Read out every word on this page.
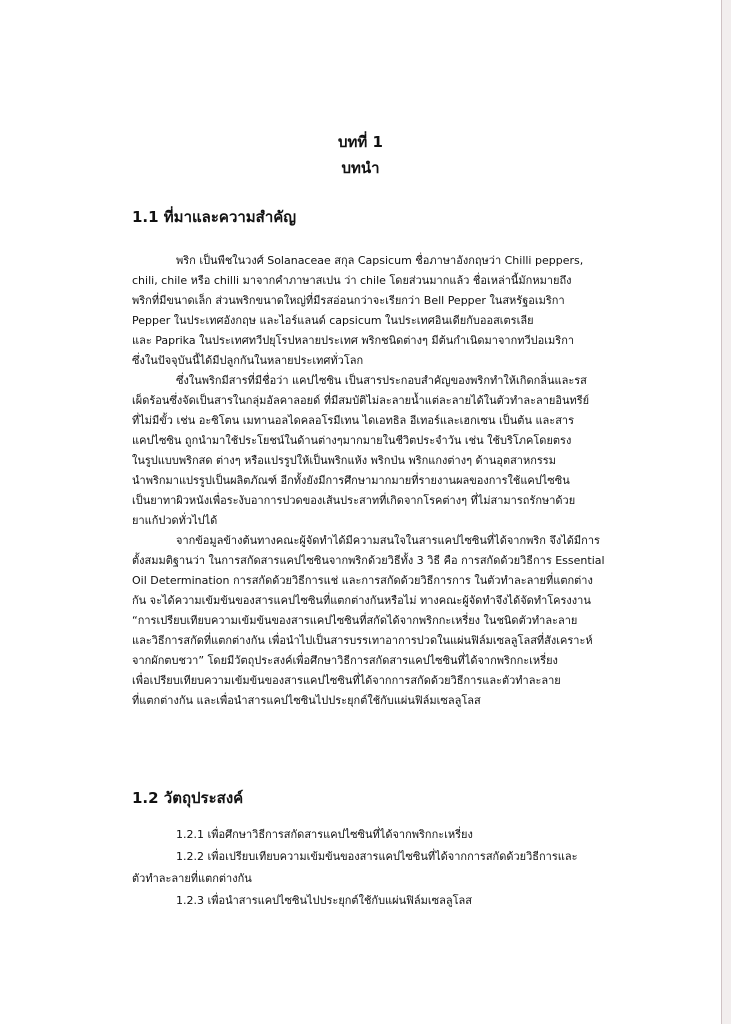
บทที่ 1
บทนำ
1.1 ที่มาและความสำคัญ
พริก เป็นพืชในวงศ์ Solanaceae สกุล Capsicum ชื่อภาษาอังกฤษว่า Chilli peppers,
chili, chile หรือ chilli มาจากคำภาษาสเปน ว่า chile โดยส่วนมากแล้ว ชื่อเหล่านี้มักหมายถึง
พริกที่มีขนาดเล็ก ส่วนพริกขนาดใหญ่ที่มีรสอ่อนกว่าจะเรียกว่า Bell Pepper ในสหรัฐอเมริกา
Pepper ในประเทศอังกฤษ และไอร์แลนด์ capsicum ในประเทศอินเดียกับออสเตรเลีย
และ Paprika ในประเทศทวีปยุโรปหลายประเทศ พริกชนิดต่างๆ มีต้นกำเนิดมาจากทวีปอเมริกา
ซึ่งในปัจจุบันนี้ได้มีปลูกกันในหลายประเทศทั่วโลก
ซึ่งในพริกมีสารที่มีชื่อว่า แคปไซซิน เป็นสารประกอบสำคัญของพริกทำให้เกิดกลิ่นและรส
เผ็ดร้อนซึ่งจัดเป็นสารในกลุ่มอัลคาลอยด์ ที่มีสมบัติไม่ละลายน้ำแต่ละลายได้ในตัวทำละลายอินทรีย์
ที่ไม่มีขั้ว เช่น อะซิโตน เมทานอลไดคลอโรมีเทน ไดเอทธิล อีเทอร์และเฮกเซน เป็นต้น และสาร
แคปไซซิน ถูกนำมาใช้ประโยชน์ในด้านต่างๆมากมายในชีวิตประจำวัน เช่น ใช้บริโภคโดยตรง
ในรูปแบบพริกสด ต่างๆ หรือแปรรูปให้เป็นพริกแห้ง พริกป่น พริกแกงต่างๆ ด้านอุตสาหกรรม
นำพริกมาแปรรูปเป็นผลิตภัณฑ์ อีกทั้งยังมีการศึกษามากมายที่รายงานผลของการใช้แคปไซซิน
เป็นยาทาผิวหนังเพื่อระงับอาการปวดของเส้นประสาทที่เกิดจากโรคต่างๆ ที่ไม่สามารถรักษาด้วย
ยาแก้ปวดทั่วไปได้
จากข้อมูลข้างต้นทางคณะผู้จัดทำได้มีความสนใจในสารแคปไซซินที่ได้จากพริก จึงได้มีการ
ตั้งสมมติฐานว่า ในการสกัดสารแคปไซซินจากพริกด้วยวิธีทั้ง 3 วิธี คือ การสกัดด้วยวิธีการ Essential
Oil Determination การสกัดด้วยวิธีการแช่ และการสกัดด้วยวิธีการการ ในตัวทำละลายที่แตกต่าง
กัน จะได้ความเข้มข้นของสารแคปไซซินที่แตกต่างกันหรือไม่ ทางคณะผู้จัดทำจึงได้จัดทำโครงงาน
“การเปรียบเทียบความเข้มข้นของสารแคปไซซินที่สกัดได้จากพริกกะเหรี่ยง ในชนิดตัวทำละลาย
และวิธีการสกัดที่แตกต่างกัน เพื่อนำไปเป็นสารบรรเทาอาการปวดในแผ่นฟิล์มเซลลูโลสที่สังเคราะห์
จากผักตบชวา” โดยมีวัตถุประสงค์เพื่อศึกษาวิธีการสกัดสารแคปไซซินที่ได้จากพริกกะเหรี่ยง
เพื่อเปรียบเทียบความเข้มข้นของสารแคปไซซินที่ได้จากการสกัดด้วยวิธีการและตัวทำละลาย
ที่แตกต่างกัน และเพื่อนำสารแคปไซซินไปประยุกต์ใช้กับแผ่นฟิล์มเซลลูโลส
1.2 วัตถุประสงค์
1.2.1 เพื่อศึกษาวิธีการสกัดสารแคปไซซินที่ได้จากพริกกะเหรี่ยง
1.2.2 เพื่อเปรียบเทียบความเข้มข้นของสารแคปไซซินที่ได้จากการสกัดด้วยวิธีการและ
ตัวทำละลายที่แตกต่างกัน
1.2.3 เพื่อนำสารแคปไซซินไปประยุกต์ใช้กับแผ่นฟิล์มเซลลูโลส
